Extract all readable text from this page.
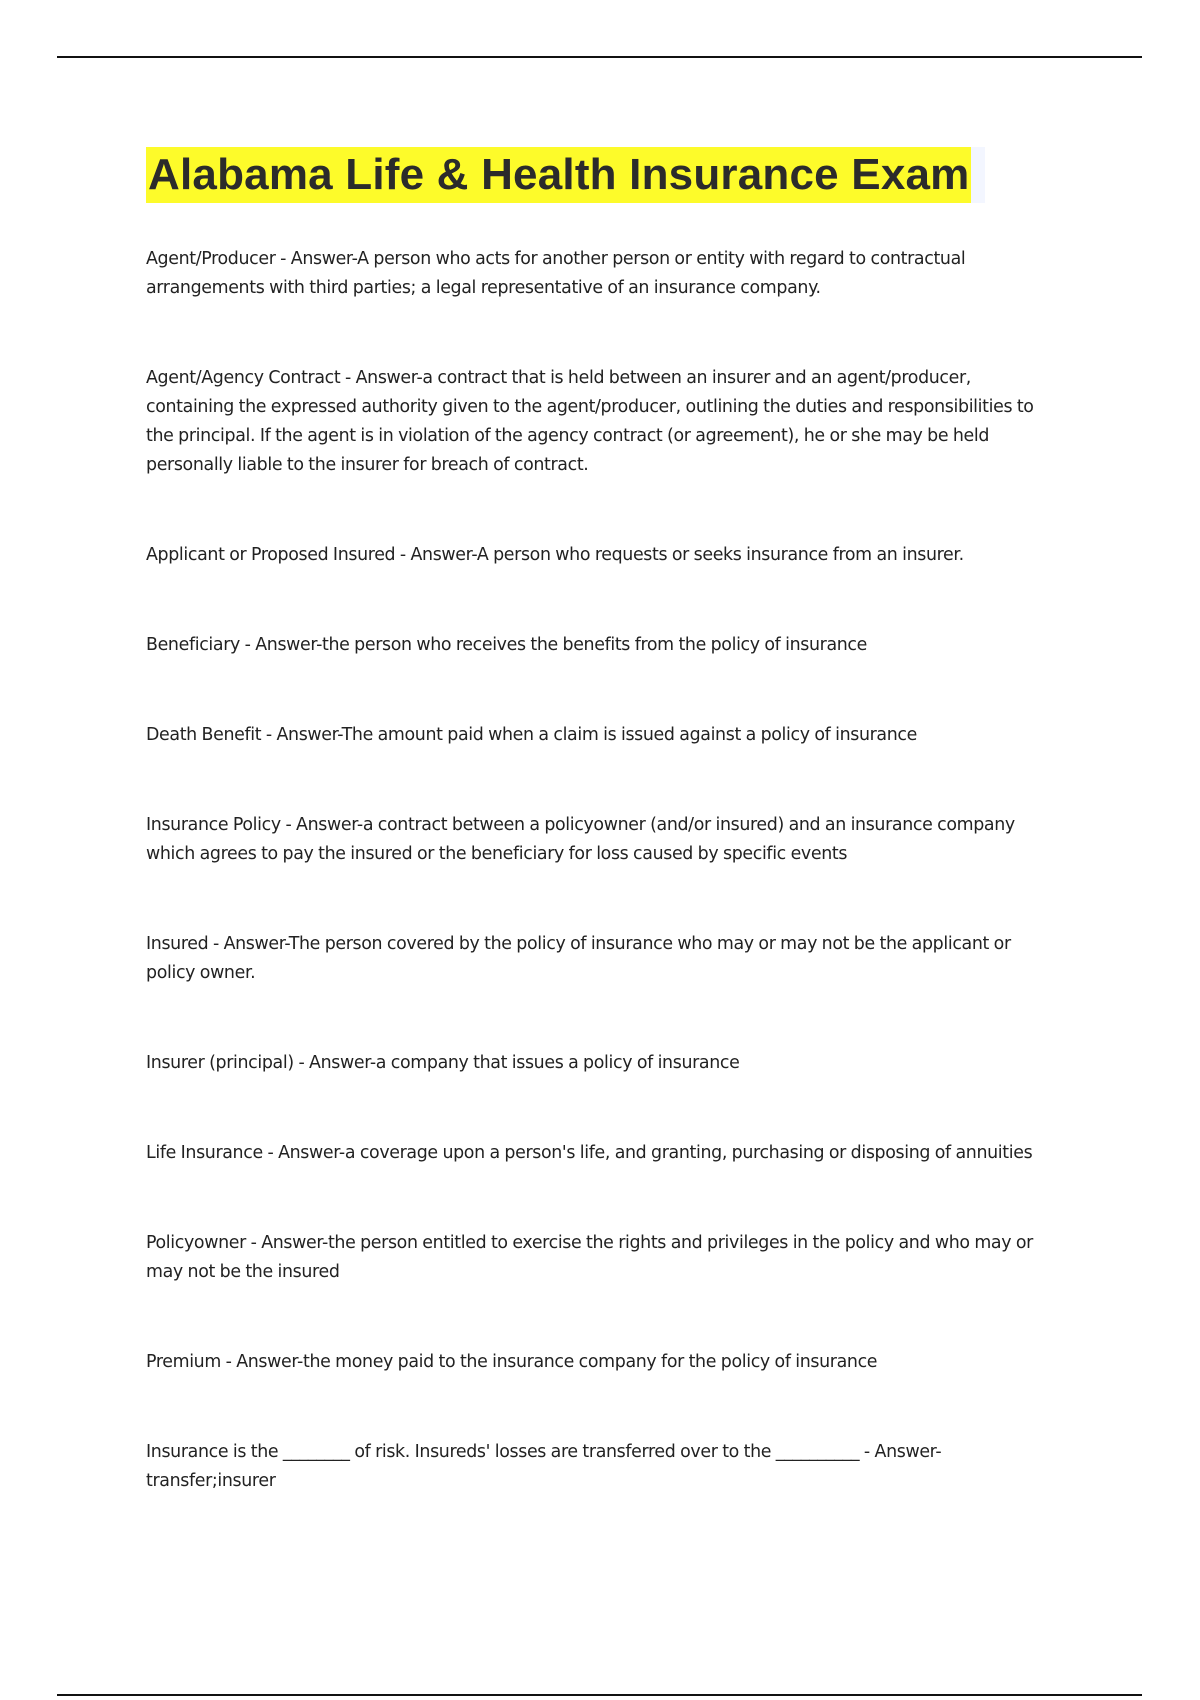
Alabama Life & Health Insurance Exam
Agent/Producer - Answer-A person who acts for another person or entity with regard to contractual arrangements with third parties; a legal representative of an insurance company.
Agent/Agency Contract - Answer-a contract that is held between an insurer and an agent/producer, containing the expressed authority given to the agent/producer, outlining the duties and responsibilities to the principal. If the agent is in violation of the agency contract (or agreement), he or she may be held personally liable to the insurer for breach of contract.
Applicant or Proposed Insured - Answer-A person who requests or seeks insurance from an insurer.
Beneficiary - Answer-the person who receives the benefits from the policy of insurance
Death Benefit - Answer-The amount paid when a claim is issued against a policy of insurance
Insurance Policy - Answer-a contract between a policyowner (and/or insured) and an insurance company which agrees to pay the insured or the beneficiary for loss caused by specific events
Insured - Answer-The person covered by the policy of insurance who may or may not be the applicant or policy owner.
Insurer (principal) - Answer-a company that issues a policy of insurance
Life Insurance - Answer-a coverage upon a person's life, and granting, purchasing or disposing of annuities
Policyowner - Answer-the person entitled to exercise the rights and privileges in the policy and who may or may not be the insured
Premium - Answer-the money paid to the insurance company for the policy of insurance
Insurance is the ________ of risk. Insureds' losses are transferred over to the __________ - Answer-transfer;insurer
